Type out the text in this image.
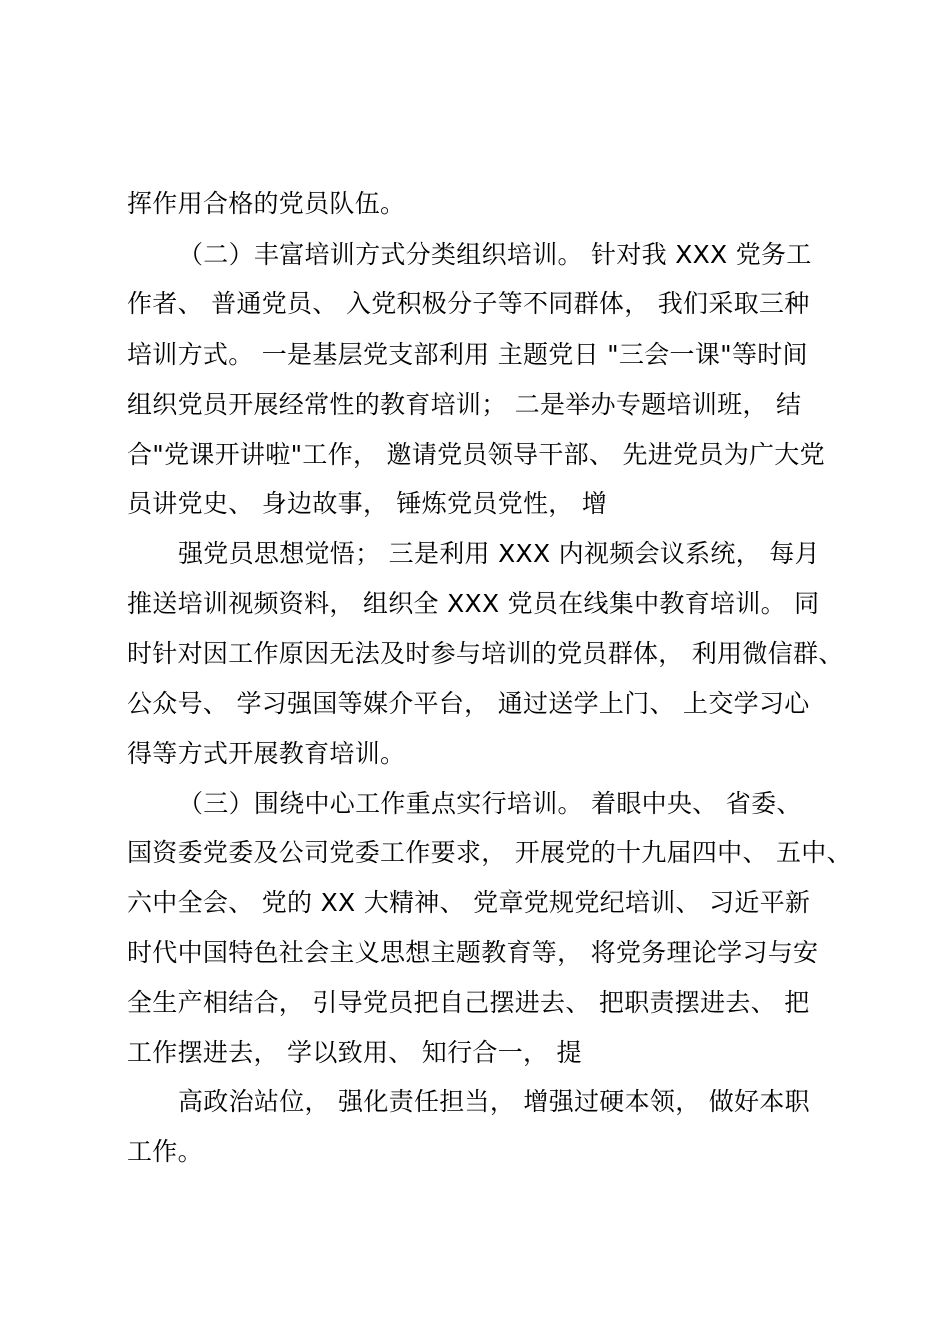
挥作用合格的党员队伍。
（二）丰富培训方式分类组织培训。 针对我 XXX 党务工
作者、 普通党员、 入党积极分子等不同群体， 我们采取三种
培训方式。 一是基层党支部利用 主题党日 "三会一课"等时间
组织党员开展经常性的教育培训； 二是举办专题培训班， 结
合"党课开讲啦"工作， 邀请党员领导干部、 先进党员为广大党
员讲党史、 身边故事， 锤炼党员党性， 增
强党员思想觉悟； 三是利用 XXX 内视频会议系统， 每月
推送培训视频资料， 组织全 XXX 党员在线集中教育培训。 同
时针对因工作原因无法及时参与培训的党员群体， 利用微信群、
公众号、 学习强国等媒介平台， 通过送学上门、 上交学习心
得等方式开展教育培训。
（三）围绕中心工作重点实行培训。 着眼中央、 省委、
国资委党委及公司党委工作要求， 开展党的十九届四中、 五中、
六中全会、 党的 XX 大精神、 党章党规党纪培训、 习近平新
时代中国特色社会主义思想主题教育等， 将党务理论学习与安
全生产相结合， 引导党员把自己摆进去、 把职责摆进去、 把
工作摆进去， 学以致用、 知行合一， 提
高政治站位， 强化责任担当， 增强过硬本领， 做好本职
工作。
